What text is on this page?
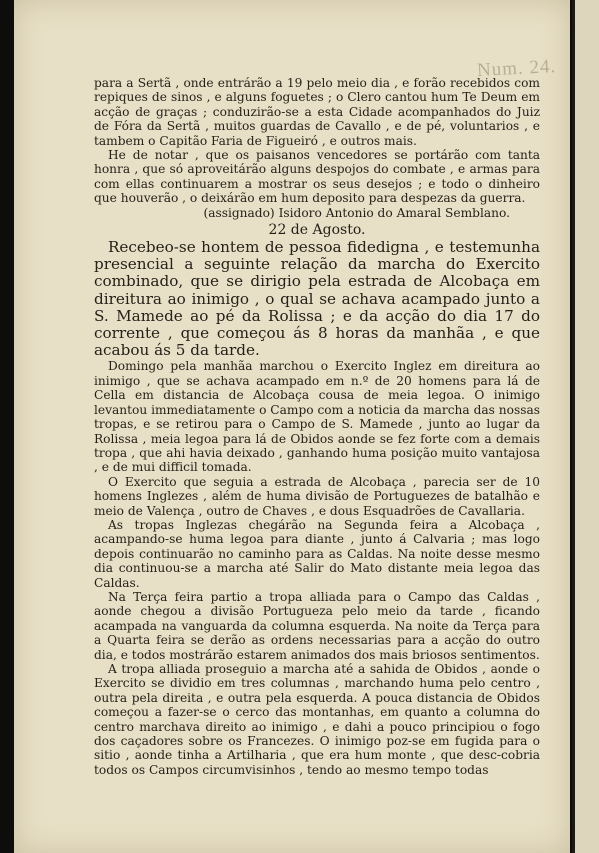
Num. 24.

para a Sertã , onde entrárão a 19 pelo meio dia , e forão recebidos com repiques de sinos , e alguns foguetes ; o Clero cantou hum Te Deum em acção de graças ; conduzirão-se a esta Cidade acompanhados do Juiz de Fóra da Sertã , muitos guardas de Cavallo , e de pé, voluntarios , e tambem o Capitão Faria de Figueiró , e outros mais.

He de notar , que os paisanos vencedores se portárão com tanta honra , que só aproveitárão alguns despojos do combate , e armas para com ellas continuarem a mostrar os seus desejos ; e todo o dinheiro que houverão , o deixárão em hum deposito para despezas da guerra.

(assignado) Isidoro Antonio do Amaral Semblano.

22 de Agosto.

Recebeo-se hontem de pessoa fidedigna , e testemunha presencial a seguinte relação da marcha do Exercito combinado, que se dirigio pela estrada de Alcobaça em direitura ao inimigo , o qual se achava acampado junto a S. Mamede ao pé da Rolissa ; e da acção do dia 17 do corrente , que começou ás 8 horas da manhãa , e que acabou ás 5 da tarde.

Domingo pela manhãa marchou o Exercito Inglez em direitura ao inimigo , que se achava acampado em n.º de 20 homens para lá de Cella em distancia de Alcobaça cousa de meia legoa. O inimigo levantou immediatamente o Campo com a noticia da marcha das nossas tropas, e se retirou para o Campo de S. Mamede , junto ao lugar da Rolissa , meia legoa para lá de Obidos aonde se fez forte com a demais tropa , que ahi havia deixado , ganhando huma posição muito vantajosa , e de mui difficil tomada.

O Exercito que seguia a estrada de Alcobaça , parecia ser de 10 homens Inglezes , além de huma divisão de Portuguezes de batalhão e meio de Valença , outro de Chaves , e dous Esquadrões de Cavallaria.

As tropas Inglezas chegárão na Segunda feira a Alcobaça , acampando-se huma legoa para diante , junto á Calvaria ; mas logo depois continuarão no caminho para as Caldas. Na noite desse mesmo dia continuou-se a marcha até Salir do Mato distante meia legoa das Caldas.

Na Terça feira partio a tropa alliada para o Campo das Caldas , aonde chegou a divisão Portugueza pelo meio da tarde , ficando acampada na vanguarda da columna esquerda. Na noite da Terça para a Quarta feira se derão as ordens necessarias para a acção do outro dia, e todos mostrárão estarem animados dos mais briosos sentimentos.

A tropa alliada proseguio a marcha até a sahida de Obidos , aonde o Exercito se dividio em tres columnas , marchando huma pelo centro , outra pela direita , e outra pela esquerda. A pouca distancia de Obidos começou a fazer-se o cerco das montanhas, em quanto a columna do centro marchava direito ao inimigo , e dahi a pouco principiou o fogo dos caçadores sobre os Francezes. O inimigo poz-se em fugida para o sitio , aonde tinha a Artilharia , que era hum monte , que desc-cobria todos os Campos circumvisinhos , tendo ao mesmo tempo todas
